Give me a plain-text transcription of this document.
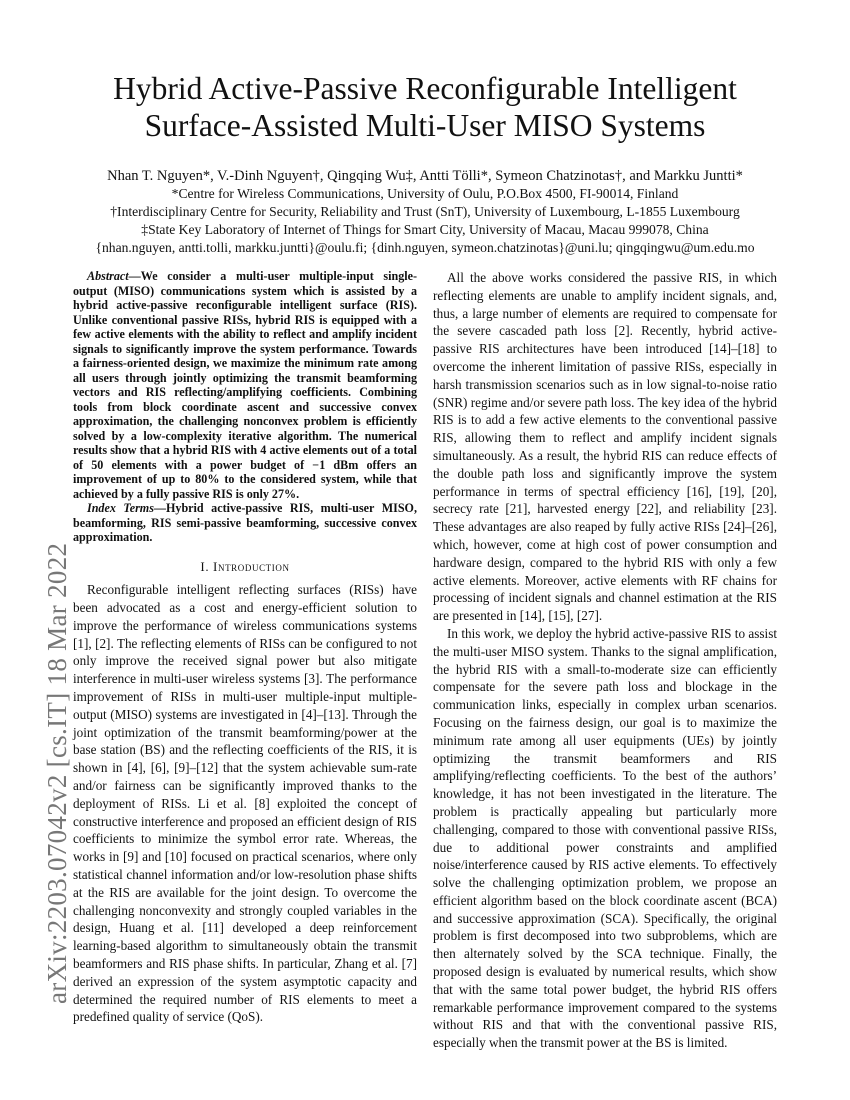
arXiv:2203.07042v2 [cs.IT] 18 Mar 2022
Hybrid Active-Passive Reconfigurable Intelligent Surface-Assisted Multi-User MISO Systems
Nhan T. Nguyen*, V.-Dinh Nguyen†, Qingqing Wu‡, Antti Tölli*, Symeon Chatzinotas†, and Markku Juntti*
*Centre for Wireless Communications, University of Oulu, P.O.Box 4500, FI-90014, Finland
†Interdisciplinary Centre for Security, Reliability and Trust (SnT), University of Luxembourg, L-1855 Luxembourg
‡State Key Laboratory of Internet of Things for Smart City, University of Macau, Macau 999078, China
{nhan.nguyen, antti.tolli, markku.juntti}@oulu.fi; {dinh.nguyen, symeon.chatzinotas}@uni.lu; qingqingwu@um.edu.mo

Abstract—We consider a multi-user multiple-input single-output (MISO) communications system which is assisted by a hybrid active-passive reconfigurable intelligent surface (RIS). Unlike conventional passive RISs, hybrid RIS is equipped with a few active elements with the ability to reflect and amplify incident signals to significantly improve the system performance. Towards a fairness-oriented design, we maximize the minimum rate among all users through jointly optimizing the transmit beamforming vectors and RIS reflecting/amplifying coefficients. Combining tools from block coordinate ascent and successive convex approximation, the challenging nonconvex problem is efficiently solved by a low-complexity iterative algorithm. The numerical results show that a hybrid RIS with 4 active elements out of a total of 50 elements with a power budget of −1 dBm offers an improvement of up to 80% to the considered system, while that achieved by a fully passive RIS is only 27%.

Index Terms—Hybrid active-passive RIS, multi-user MISO, beamforming, RIS semi-passive beamforming, successive convex approximation.

I. Introduction

Reconfigurable intelligent reflecting surfaces (RISs) have been advocated as a cost and energy-efficient solution to improve the performance of wireless communications systems [1], [2]. The reflecting elements of RISs can be configured to not only improve the received signal power but also mitigate interference in multi-user wireless systems [3]. The performance improvement of RISs in multi-user multiple-input multiple-output (MISO) systems are investigated in [4]–[13]. Through the joint optimization of the transmit beamforming/power at the base station (BS) and the reflecting coefficients of the RIS, it is shown in [4], [6], [9]–[12] that the system achievable sum-rate and/or fairness can be significantly improved thanks to the deployment of RISs. Li et al. [8] exploited the concept of constructive interference and proposed an efficient design of RIS coefficients to minimize the symbol error rate. Whereas, the works in [9] and [10] focused on practical scenarios, where only statistical channel information and/or low-resolution phase shifts at the RIS are available for the joint design. To overcome the challenging nonconvexity and strongly coupled variables in the design, Huang et al. [11] developed a deep reinforcement learning-based algorithm to simultaneously obtain the transmit beamformers and RIS phase shifts. In particular, Zhang et al. [7] derived an expression of the system asymptotic capacity and determined the required number of RIS elements to meet a predefined quality of service (QoS).

All the above works considered the passive RIS, in which reflecting elements are unable to amplify incident signals, and, thus, a large number of elements are required to compensate for the severe cascaded path loss [2]. Recently, hybrid active-passive RIS architectures have been introduced [14]–[18] to overcome the inherent limitation of passive RISs, especially in harsh transmission scenarios such as in low signal-to-noise ratio (SNR) regime and/or severe path loss. The key idea of the hybrid RIS is to add a few active elements to the conventional passive RIS, allowing them to reflect and amplify incident signals simultaneously. As a result, the hybrid RIS can reduce effects of the double path loss and significantly improve the system performance in terms of spectral efficiency [16], [19], [20], secrecy rate [21], harvested energy [22], and reliability [23]. These advantages are also reaped by fully active RISs [24]–[26], which, however, come at high cost of power consumption and hardware design, compared to the hybrid RIS with only a few active elements. Moreover, active elements with RF chains for processing of incident signals and channel estimation at the RIS are presented in [14], [15], [27].

In this work, we deploy the hybrid active-passive RIS to assist the multi-user MISO system. Thanks to the signal amplification, the hybrid RIS with a small-to-moderate size can efficiently compensate for the severe path loss and blockage in the communication links, especially in complex urban scenarios. Focusing on the fairness design, our goal is to maximize the minimum rate among all user equipments (UEs) by jointly optimizing the transmit beamformers and RIS amplifying/reflecting coefficients. To the best of the authors’ knowledge, it has not been investigated in the literature. The problem is practically appealing but particularly more challenging, compared to those with conventional passive RISs, due to additional power constraints and amplified noise/interference caused by RIS active elements. To effectively solve the challenging optimization problem, we propose an efficient algorithm based on the block coordinate ascent (BCA) and successive approximation (SCA). Specifically, the original problem is first decomposed into two subproblems, which are then alternately solved by the SCA technique. Finally, the proposed design is evaluated by numerical results, which show that with the same total power budget, the hybrid RIS offers remarkable performance improvement compared to the systems without RIS and that with the conventional passive RIS, especially when the transmit power at the BS is limited.
